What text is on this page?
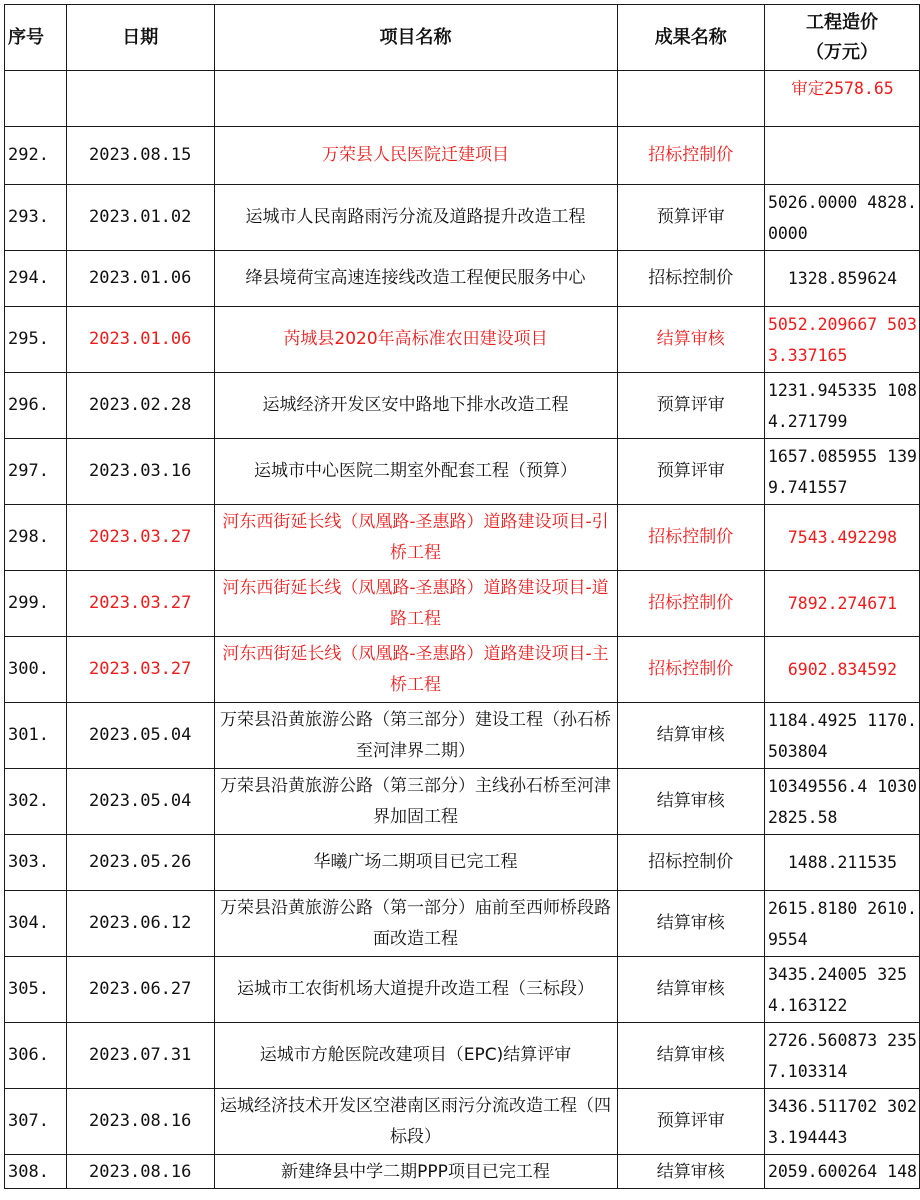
序号	日期	项目名称	成果名称	工程造价
（万元）
				审定2578.65
292.	2023.08.15	万荣县人民医院迁建项目	招标控制价	
293.	2023.01.02	运城市人民南路雨污分流及道路提升改造工程	预算评审	5026.0000 4828.0000
294.	2023.01.06	绛县境荷宝高速连接线改造工程便民服务中心	招标控制价	1328.859624
295.	2023.01.06	芮城县2020年高标准农田建设项目	结算审核	5052.209667 5033.337165
296.	2023.02.28	运城经济开发区安中路地下排水改造工程	预算评审	1231.945335 1084.271799
297.	2023.03.16	运城市中心医院二期室外配套工程（预算）	预算评审	1657.085955 1399.741557
298.	2023.03.27	河东西街延长线（凤凰路-圣惠路）道路建设项目-引桥工程	招标控制价	7543.492298
299.	2023.03.27	河东西街延长线（凤凰路-圣惠路）道路建设项目-道路工程	招标控制价	7892.274671
300.	2023.03.27	河东西街延长线（凤凰路-圣惠路）道路建设项目-主桥工程	招标控制价	6902.834592
301.	2023.05.04	万荣县沿黄旅游公路（第三部分）建设工程（孙石桥至河津界二期）	结算审核	1184.4925 1170.503804
302.	2023.05.04	万荣县沿黄旅游公路（第三部分）主线孙石桥至河津界加固工程	结算审核	10349556.4 10302825.58
303.	2023.05.26	华曦广场二期项目已完工程	招标控制价	1488.211535
304.	2023.06.12	万荣县沿黄旅游公路（第一部分）庙前至西师桥段路面改造工程	结算审核	2615.8180 2610.9554
305.	2023.06.27	运城市工农街机场大道提升改造工程（三标段）	结算审核	3435.24005 3254.163122
306.	2023.07.31	运城市方舱医院改建项目（EPC)结算评审	结算审核	2726.560873 2357.103314
307.	2023.08.16	运城经济技术开发区空港南区雨污分流改造工程（四标段）	预算评审	3436.511702 3023.194443
308.	2023.08.16	新建绛县中学二期PPP项目已完工程	结算审核	2059.600264 148
